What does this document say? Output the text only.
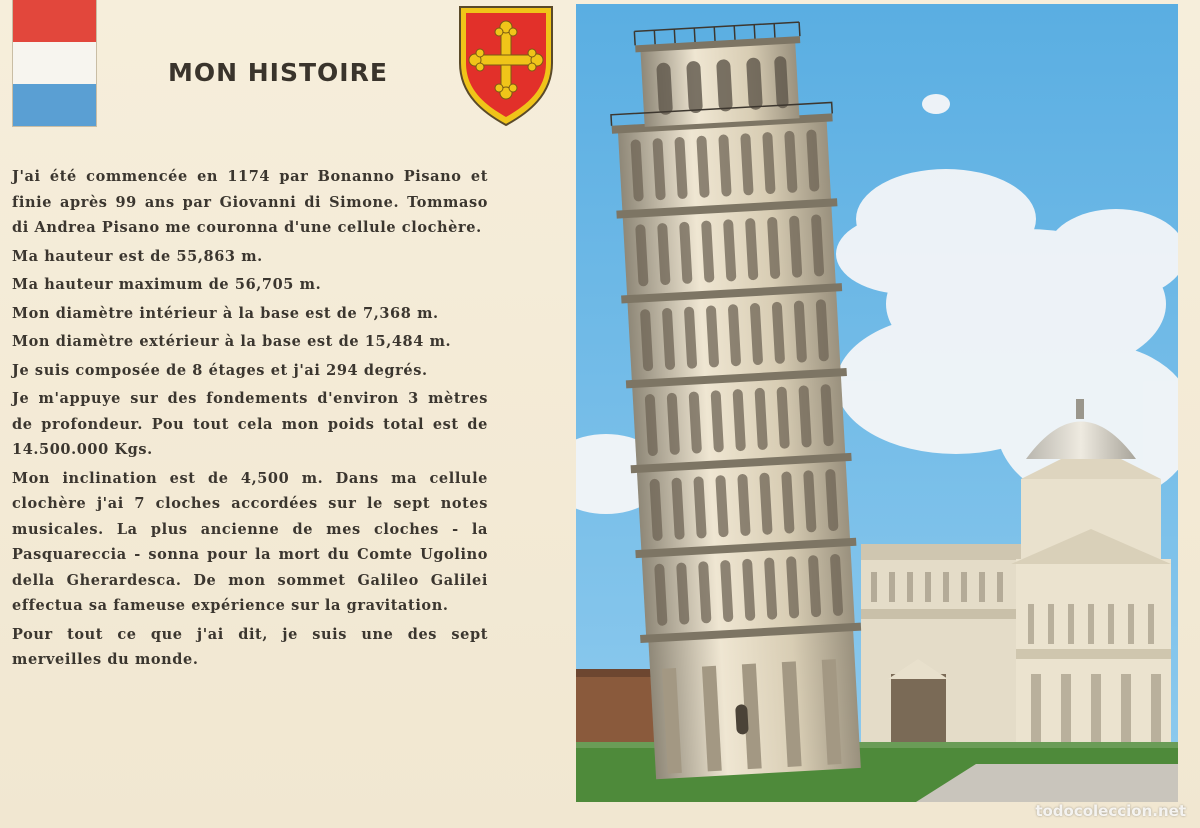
MON HISTOIRE

J'ai été commencée en 1174 par Bonanno Pisano et finie après 99 ans par Giovanni di Simone. Tommaso di Andrea Pisano me couronna d'une cellule clochère.

Ma hauteur est de 55,863 m.

Ma hauteur maximum de 56,705 m.

Mon diamètre intérieur à la base est de 7,368 m.

Mon diamètre extérieur à la base est de 15,484 m.

Je suis composée de 8 étages et j'ai 294 degrés.

Je m'appuye sur des fondements d'environ 3 mètres de profondeur. Pou tout cela mon poids total est de 14.500.000 Kgs.

Mon inclination est de 4,500 m. Dans ma cellule clochère j'ai 7 cloches accordées sur le sept notes musicales. La plus ancienne de mes cloches - la Pasquareccia - sonna pour la mort du Comte Ugolino della Gherardesca. De mon sommet Galileo Galilei effectua sa fameuse expérience sur la gravitation.

Pour tout ce que j'ai dit, je suis une des sept merveilles du monde.

todocoleccion.net
